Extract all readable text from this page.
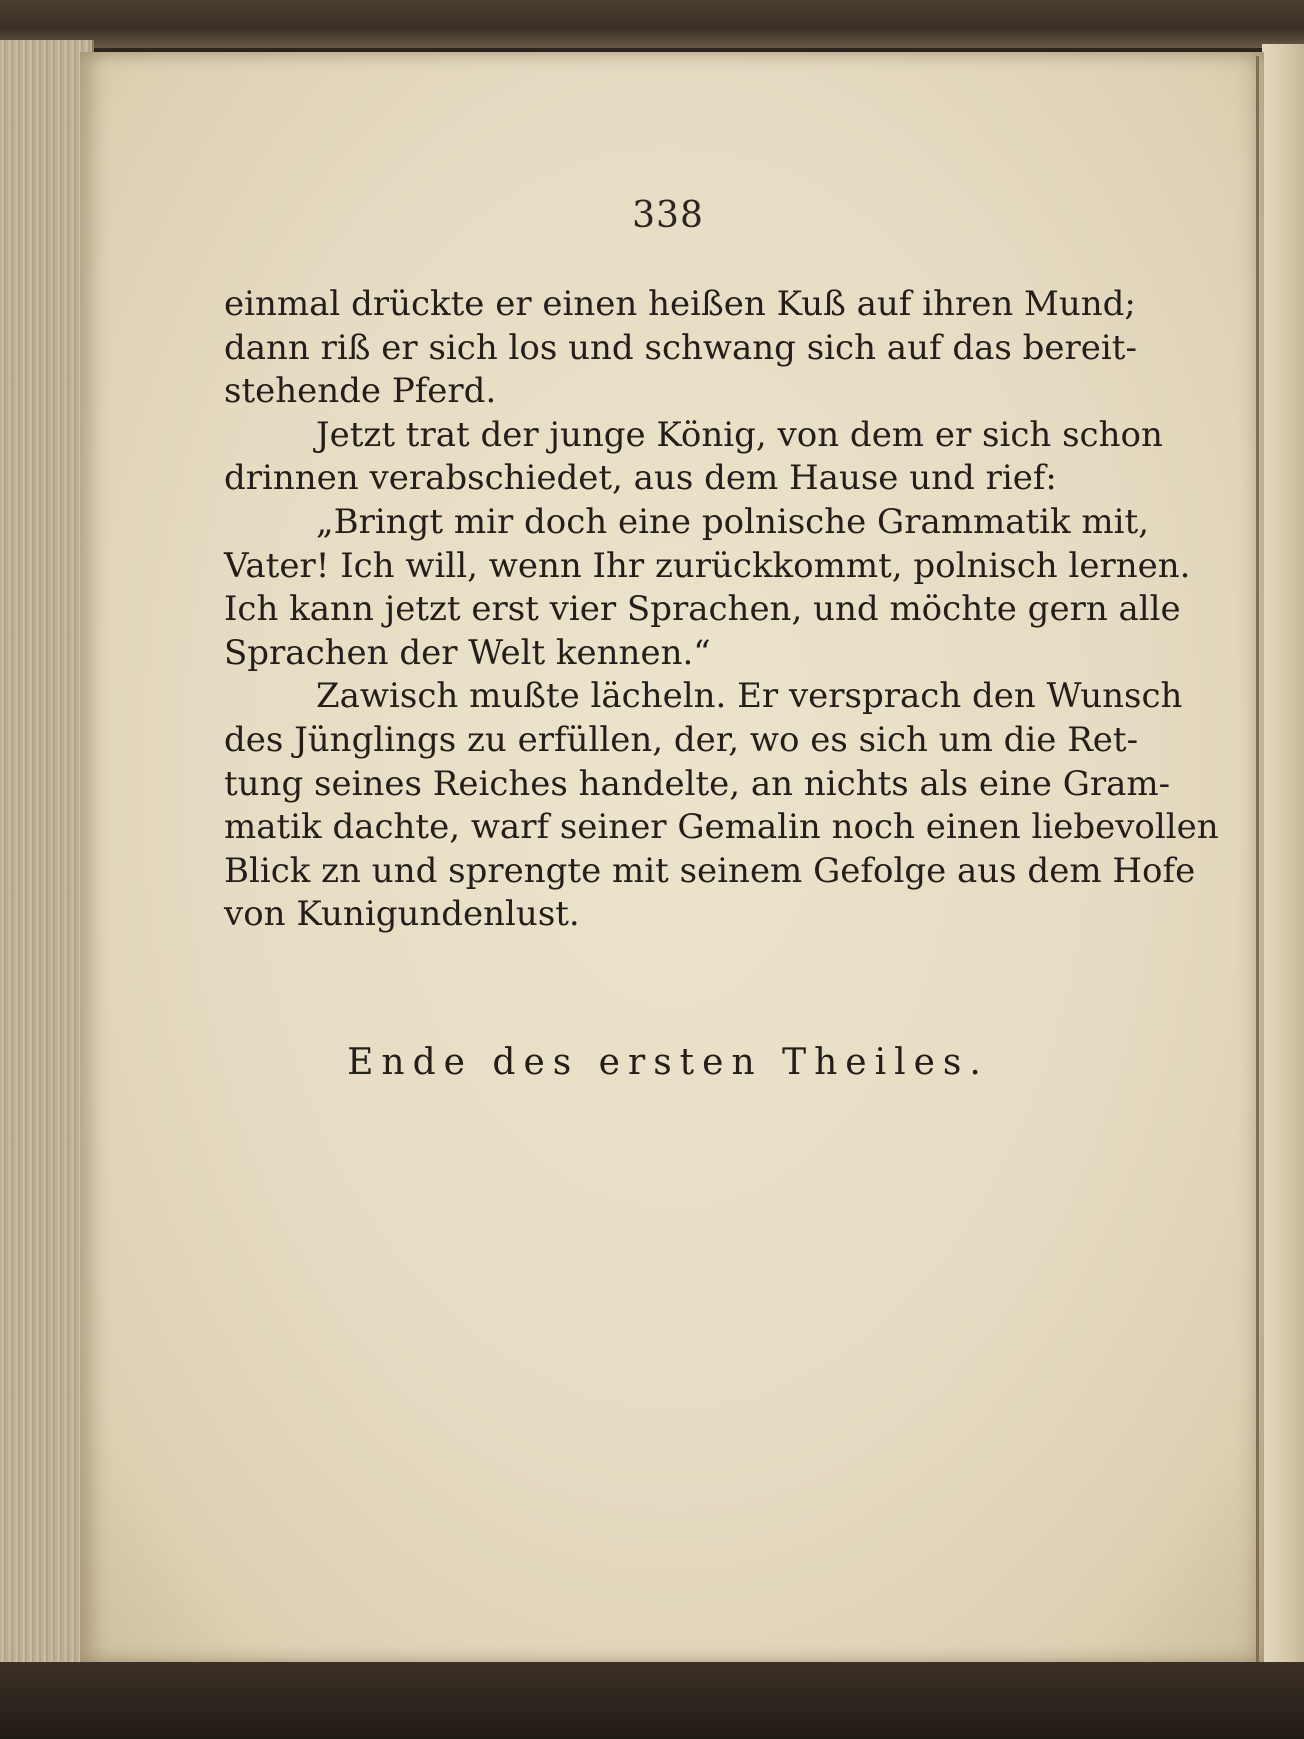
338
einmal drückte er einen heißen Kuß auf ihren Mund;
dann riß er sich los und schwang sich auf das bereit-
stehende Pferd.
Jetzt trat der junge König, von dem er sich schon
drinnen verabschiedet, aus dem Hause und rief:
„Bringt mir doch eine polnische Grammatik mit,
Vater! Ich will, wenn Ihr zurückkommt, polnisch lernen.
Ich kann jetzt erst vier Sprachen, und möchte gern alle
Sprachen der Welt kennen.“
Zawisch mußte lächeln. Er versprach den Wunsch
des Jünglings zu erfüllen, der, wo es sich um die Ret-
tung seines Reiches handelte, an nichts als eine Gram-
matik dachte, warf seiner Gemalin noch einen liebevollen
Blick zn und sprengte mit seinem Gefolge aus dem Hofe
von Kunigundenlust.
Ende des ersten Theiles.
